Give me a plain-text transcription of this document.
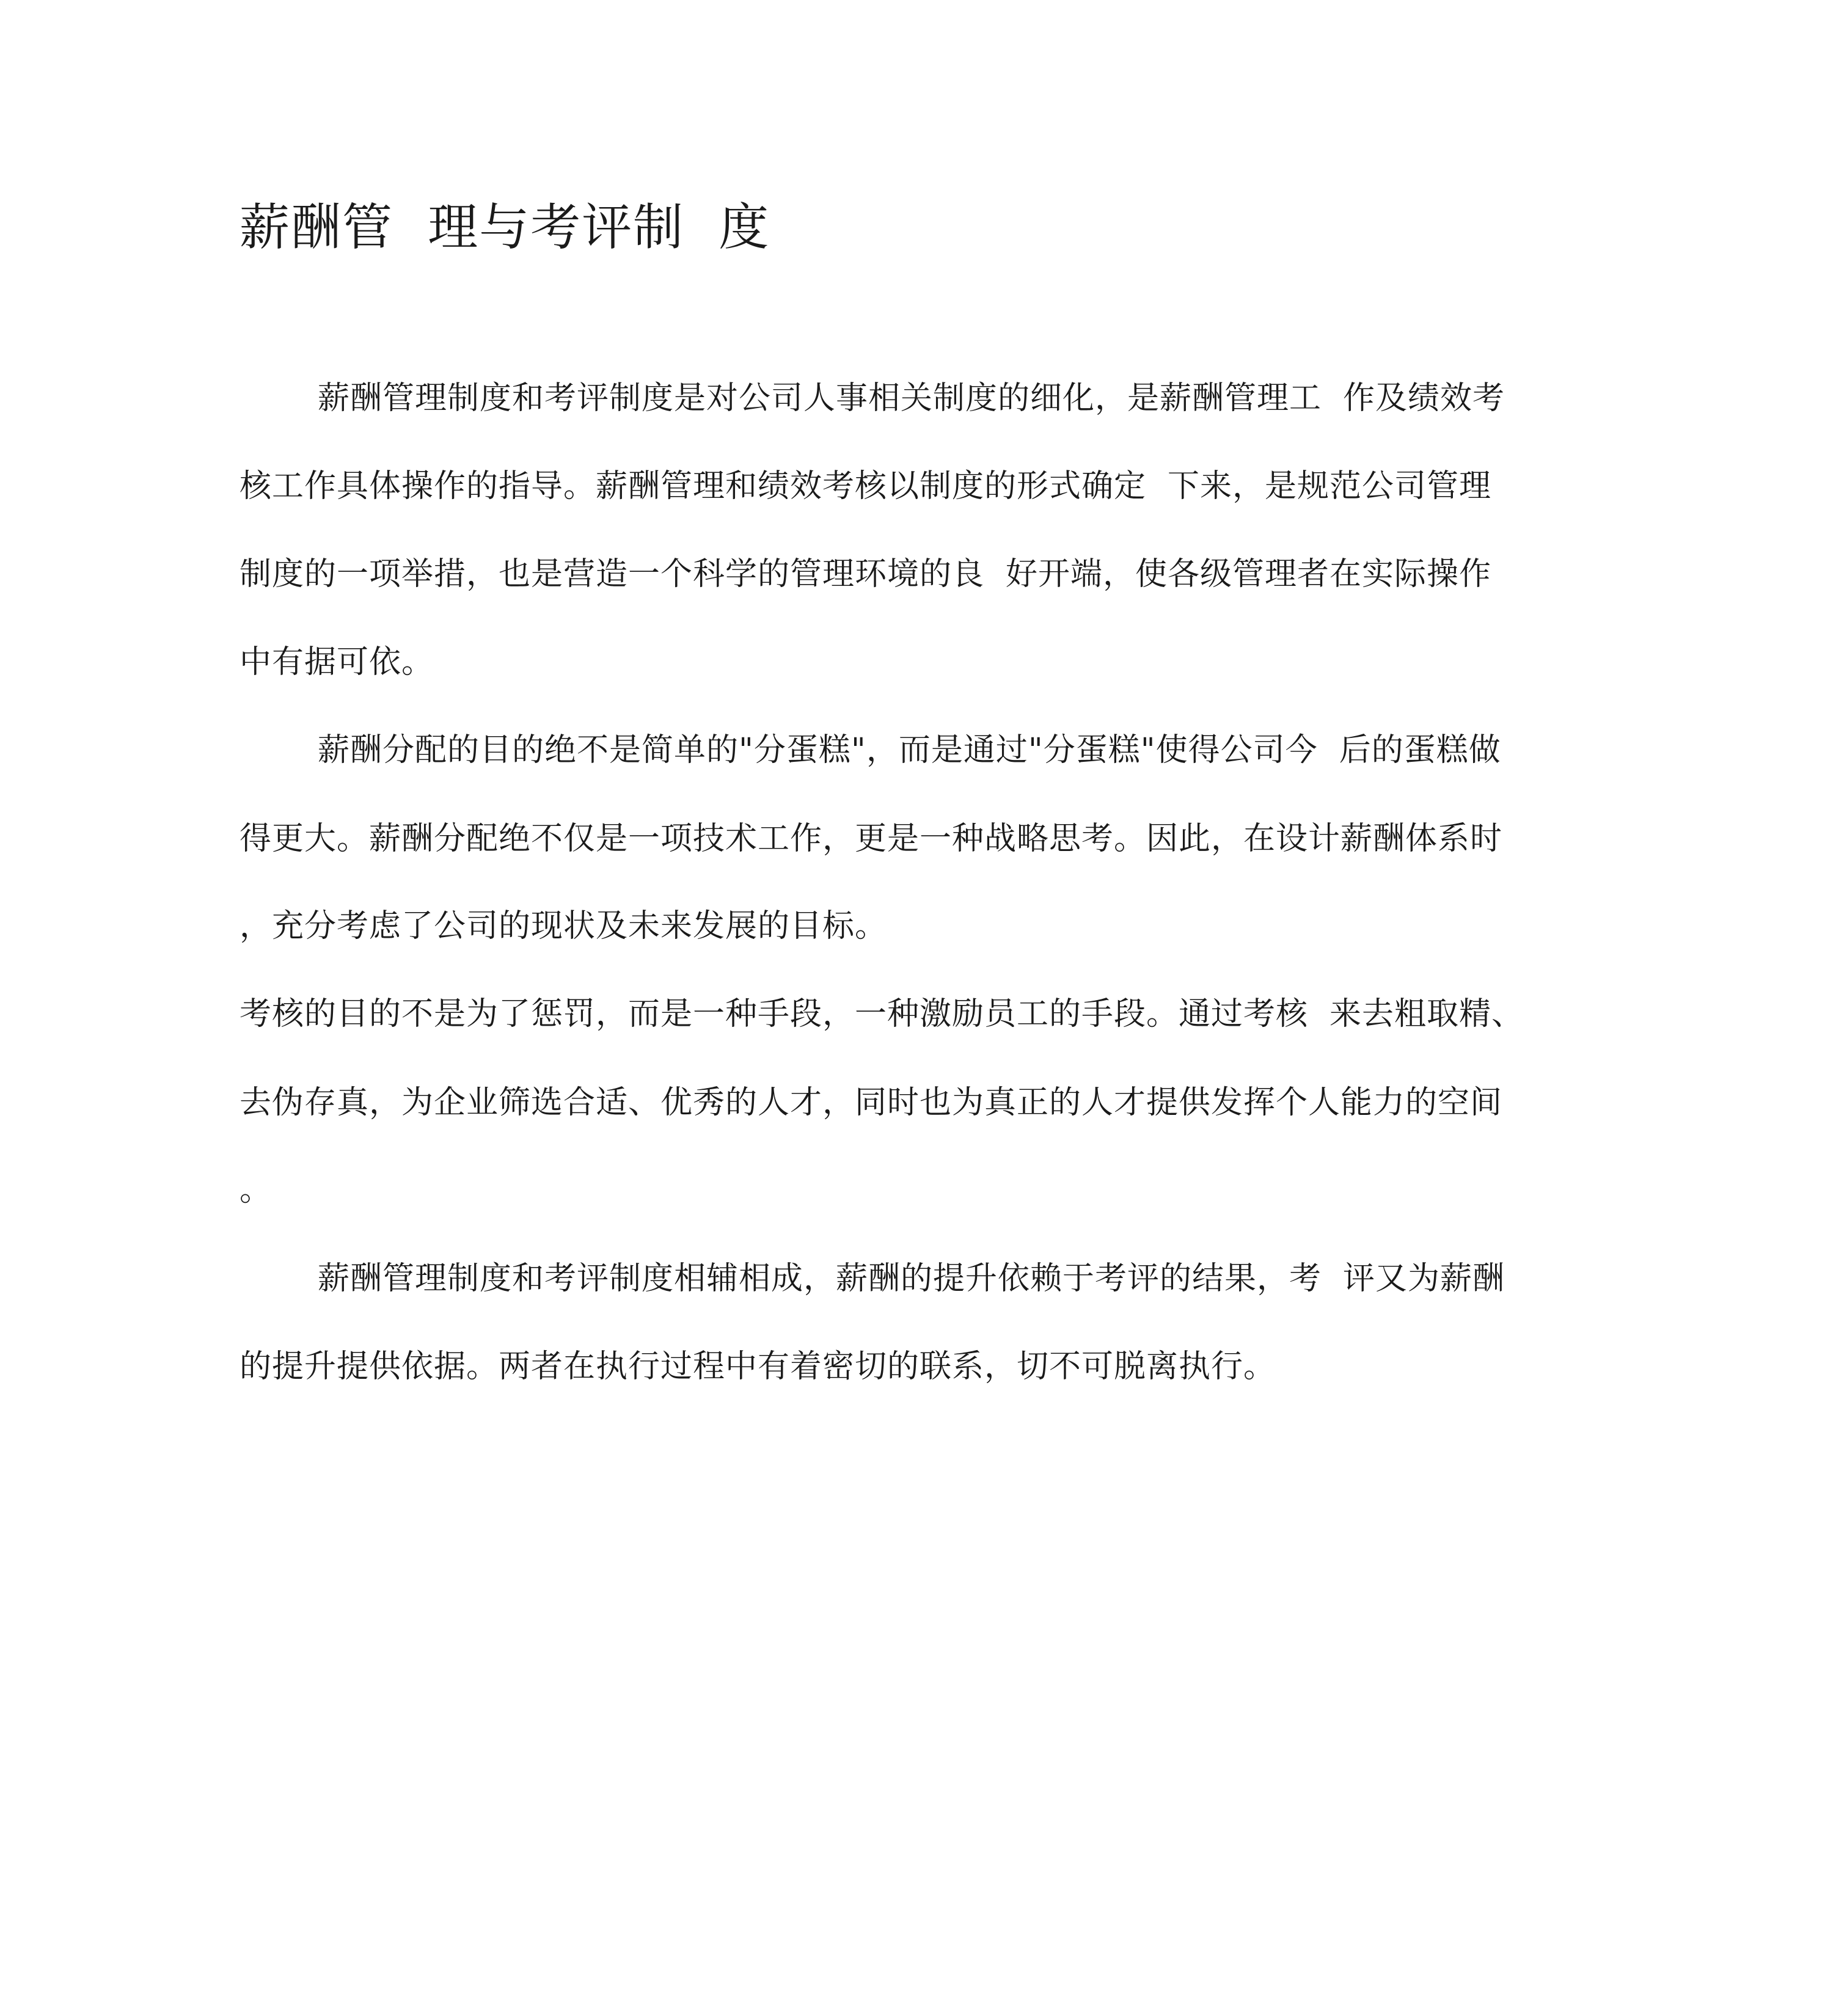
薪酬管  理与考评制  度

薪酬管理制度和考评制度是对公司人事相关制度的细化，是薪酬管理工  作及绩效考

核工作具体操作的指导。薪酬管理和绩效考核以制度的形式确定  下来，是规范公司管理

制度的一项举措，也是营造一个科学的管理环境的良  好开端，使各级管理者在实际操作

中有据可依。

薪酬分配的目的绝不是简单的"分蛋糕"，而是通过"分蛋糕"使得公司今  后的蛋糕做

得更大。薪酬分配绝不仅是一项技术工作，更是一种战略思考。因此，在设计薪酬体系时

，充分考虑了公司的现状及未来发展的目标。

考核的目的不是为了惩罚，而是一种手段，一种激励员工的手段。通过考核  来去粗取精、

去伪存真，为企业筛选合适、优秀的人才，同时也为真正的人才提供发挥个人能力的空间

。

薪酬管理制度和考评制度相辅相成，薪酬的提升依赖于考评的结果，考  评又为薪酬

的提升提供依据。两者在执行过程中有着密切的联系，切不可脱离执行。
